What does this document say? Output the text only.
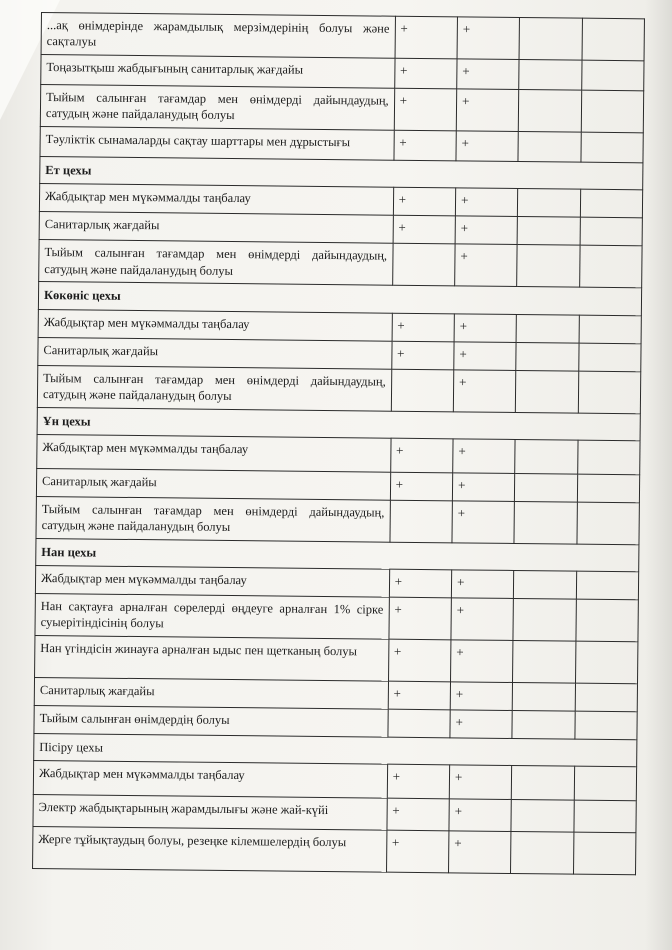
...ақ өнімдерінде жарамдылық мерзімдерінің болуы және сақталуы	+	+		
Тоңазытқыш жабдығының санитарлық жағдайы	+	+		
Тыйым салынған тағамдар мен өнімдерді дайындаудың, сатудың және пайдаланудың болуы	+	+		
Тәуліктік сынамаларды сақтау шарттары мен дұрыстығы	+	+		
Ет цехы				
Жабдықтар мен мүкәммалды таңбалау	+	+		
Санитарлық жағдайы	+	+		
Тыйым салынған тағамдар мен өнімдерді дайындаудың, сатудың және пайдаланудың болуы		+		
Көкөніс цехы				
Жабдықтар мен мүкәммалды таңбалау	+	+		
Санитарлық жағдайы	+	+		
Тыйым салынған тағамдар мен өнімдерді дайындаудың, сатудың және пайдаланудың болуы		+		
Ұн цехы				
Жабдықтар мен мүкәммалды таңбалау	+	+		
Санитарлық жағдайы	+	+		
Тыйым салынған тағамдар мен өнімдерді дайындаудың, сатудың және пайдаланудың болуы		+		
Нан цехы				
Жабдықтар мен мүкәммалды таңбалау	+	+		
Нан сақтауға арналған сөрелерді өңдеуге арналған 1% сірке суыерітіндісінің болуы	+	+		
Нан үгіндісін жинауға арналған ыдыс пен щетканың болуы	+	+		
Санитарлық жағдайы	+	+		
Тыйым салынған өнімдердің болуы		+		
Пісіру цехы				
Жабдықтар мен мүкәммалды таңбалау	+	+		
Электр жабдықтарының жарамдылығы және жай-күйі	+	+		
Жерге тұйықтаудың болуы, резеңке кілемшелердің болуы	+	+		
